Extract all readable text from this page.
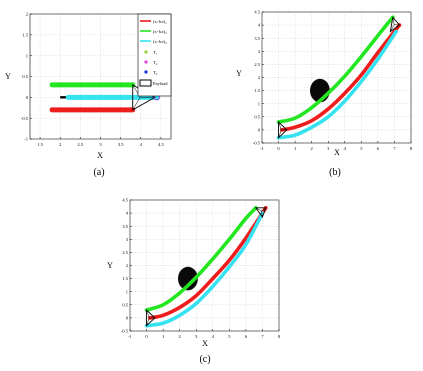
Y
X
(a)
1.5	2	2.5	3	3.5	4	4.5
-1
-0.5
0
0.5
1
1.5
2
Y
X
(b)
-1	0	1	2	3	4	5	6	7	8
-0.5
0
0.5
1
1.5
2
2.5
3
3.5
4
4.5
Y
X
(c)
-1	0	1	2	3	4	5	6	7	8
-0.5
0
0.5
1
1.5
2
2.5
3
3.5
4
4.5
(x−kx)₁
(x−kx)₂
(x−kx)₃
T₁
T₂
T₃
Payload
